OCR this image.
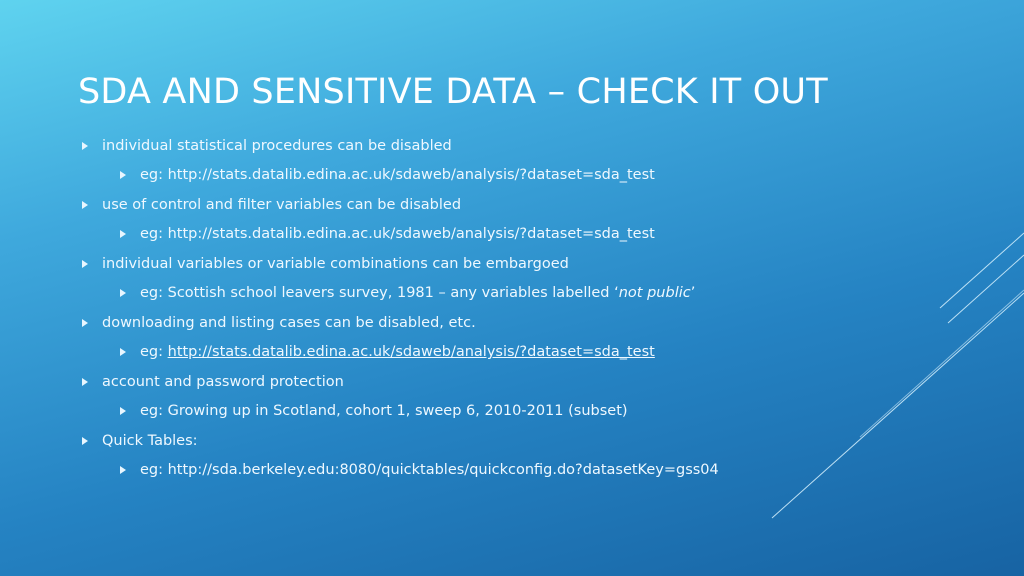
SDA AND SENSITIVE DATA – CHECK IT OUT
individual statistical procedures can be disabled
eg: http://stats.datalib.edina.ac.uk/sdaweb/analysis/?dataset=sda_test
use of control and filter variables can be disabled
eg: http://stats.datalib.edina.ac.uk/sdaweb/analysis/?dataset=sda_test
individual variables or variable combinations can be embargoed
eg: Scottish school leavers survey, 1981 – any variables labelled ‘not public’
downloading and listing cases can be disabled, etc.
eg: http://stats.datalib.edina.ac.uk/sdaweb/analysis/?dataset=sda_test
account and password protection
eg: Growing up in Scotland, cohort 1, sweep 6, 2010-2011 (subset)
Quick Tables:
eg: http://sda.berkeley.edu:8080/quicktables/quickconfig.do?datasetKey=gss04
